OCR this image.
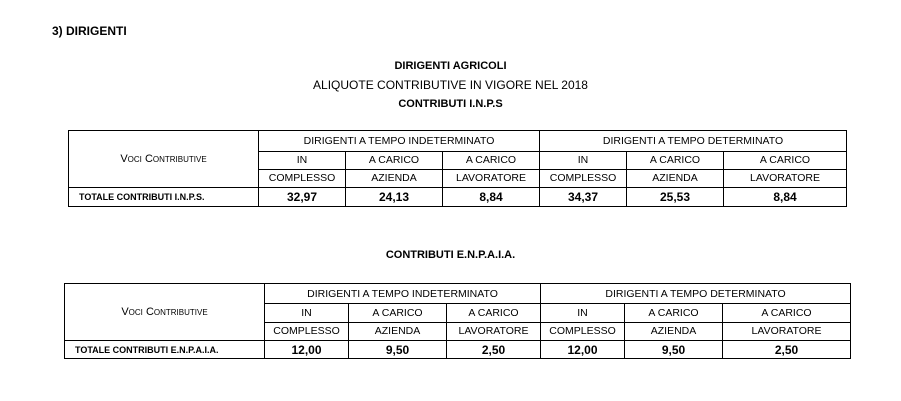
3) DIRIGENTI
DIRIGENTI AGRICOLI
ALIQUOTE CONTRIBUTIVE IN VIGORE NEL 2018
CONTRIBUTI I.N.P.S
Voci Contributive	DIRIGENTI A TEMPO INDETERMINATO			DIRIGENTI A TEMPO DETERMINATO		
	IN	A CARICO	A CARICO	IN	A CARICO	A CARICO
	COMPLESSO	AZIENDA	LAVORATORE	COMPLESSO	AZIENDA	LAVORATORE
TOTALE CONTRIBUTI I.N.P.S.	32,97	24,13	8,84	34,37	25,53	8,84
CONTRIBUTI E.N.P.A.I.A.
Voci Contributive	DIRIGENTI A TEMPO INDETERMINATO			DIRIGENTI A TEMPO DETERMINATO		
	IN	A CARICO	A CARICO	IN	A CARICO	A CARICO
	COMPLESSO	AZIENDA	LAVORATORE	COMPLESSO	AZIENDA	LAVORATORE
TOTALE CONTRIBUTI E.N.P.A.I.A.	12,00	9,50	2,50	12,00	9,50	2,50
